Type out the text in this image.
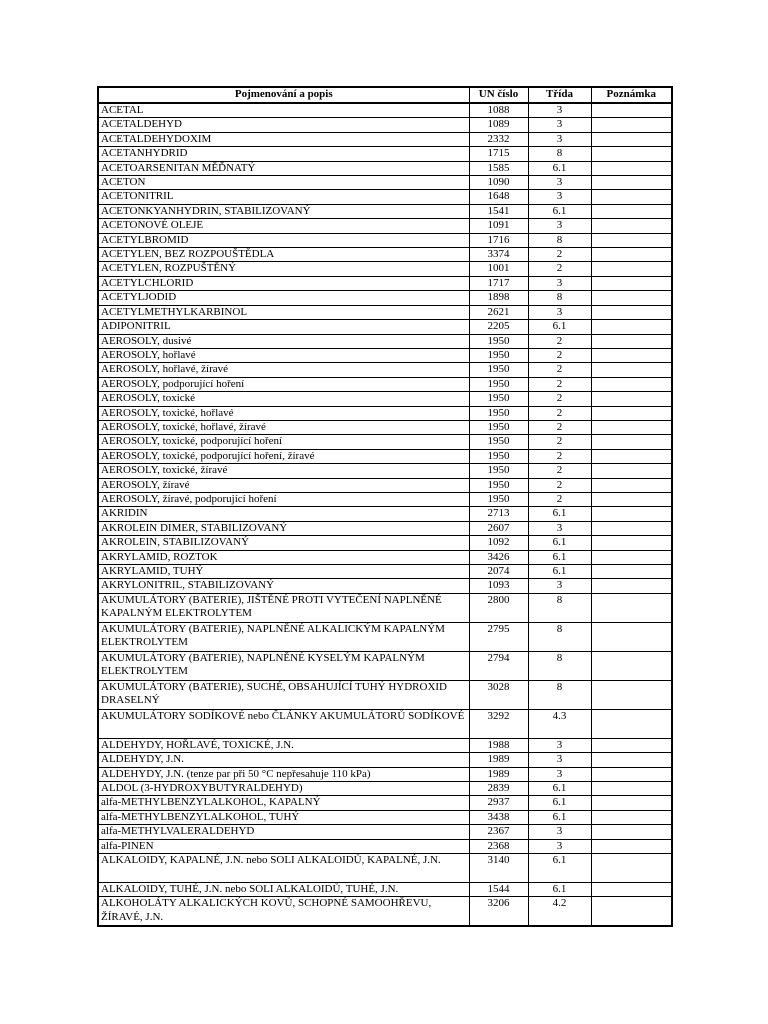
Pojmenování a popis	UN číslo	Třída	Poznámka
ACETAL	1088	3	
ACETALDEHYD	1089	3	
ACETALDEHYDOXIM	2332	3	
ACETANHYDRID	1715	8	
ACETOARSENITAN MĚĎNATÝ	1585	6.1	
ACETON	1090	3	
ACETONITRIL	1648	3	
ACETONKYANHYDRIN, STABILIZOVANÝ	1541	6.1	
ACETONOVÉ OLEJE	1091	3	
ACETYLBROMID	1716	8	
ACETYLEN, BEZ ROZPOUŠTĚDLA	3374	2	
ACETYLEN, ROZPUŠTĚNÝ	1001	2	
ACETYLCHLORID	1717	3	
ACETYLJODID	1898	8	
ACETYLMETHYLKARBINOL	2621	3	
ADIPONITRIL	2205	6.1	
AEROSOLY, dusivé	1950	2	
AEROSOLY, hořlavé	1950	2	
AEROSOLY, hořlavé, žíravé	1950	2	
AEROSOLY, podporující hoření	1950	2	
AEROSOLY, toxické	1950	2	
AEROSOLY, toxické, hořlavé	1950	2	
AEROSOLY, toxické, hořlavé, žíravé	1950	2	
AEROSOLY, toxické, podporující hoření	1950	2	
AEROSOLY, toxické, podporující hoření, žíravé	1950	2	
AEROSOLY, toxické, žíravé	1950	2	
AEROSOLY, žíravé	1950	2	
AEROSOLY, žíravé, podporující hoření	1950	2	
AKRIDIN	2713	6.1	
AKROLEIN DIMER, STABILIZOVANÝ	2607	3	
AKROLEIN, STABILIZOVANÝ	1092	6.1	
AKRYLAMID, ROZTOK	3426	6.1	
AKRYLAMID, TUHÝ	2074	6.1	
AKRYLONITRIL, STABILIZOVANÝ	1093	3	
AKUMULÁTORY (BATERIE), JIŠTĚNÉ PROTI VYTEČENÍ NAPLNĚNÉ KAPALNÝM ELEKTROLYTEM	2800	8	
AKUMULÁTORY (BATERIE), NAPLNĚNÉ ALKALICKÝM KAPALNÝM ELEKTROLYTEM	2795	8	
AKUMULÁTORY (BATERIE), NAPLNĚNÉ KYSELÝM KAPALNÝM ELEKTROLYTEM	2794	8	
AKUMULÁTORY (BATERIE), SUCHÉ, OBSAHUJÍCÍ TUHÝ HYDROXID DRASELNÝ	3028	8	
AKUMULÁTORY SODÍKOVÉ nebo ČLÁNKY AKUMULÁTORŮ SODÍKOVÉ	3292	4.3	
ALDEHYDY, HOŘLAVÉ, TOXICKÉ, J.N.	1988	3	
ALDEHYDY, J.N.	1989	3	
ALDEHYDY, J.N. (tenze par při 50 °C nepřesahuje 110 kPa)	1989	3	
ALDOL (3-HYDROXYBUTYRALDEHYD)	2839	6.1	
alfa-METHYLBENZYLALKOHOL, KAPALNÝ	2937	6.1	
alfa-METHYLBENZYLALKOHOL, TUHÝ	3438	6.1	
alfa-METHYLVALERALDEHYD	2367	3	
alfa-PINEN	2368	3	
ALKALOIDY, KAPALNÉ, J.N. nebo SOLI ALKALOIDŮ, KAPALNÉ, J.N.	3140	6.1	
ALKALOIDY, TUHÉ, J.N. nebo SOLI ALKALOIDŮ, TUHÉ, J.N.	1544	6.1	
ALKOHOLÁTY ALKALICKÝCH KOVŮ, SCHOPNÉ SAMOOHŘEVU, ŽÍRAVÉ, J.N.	3206	4.2	
